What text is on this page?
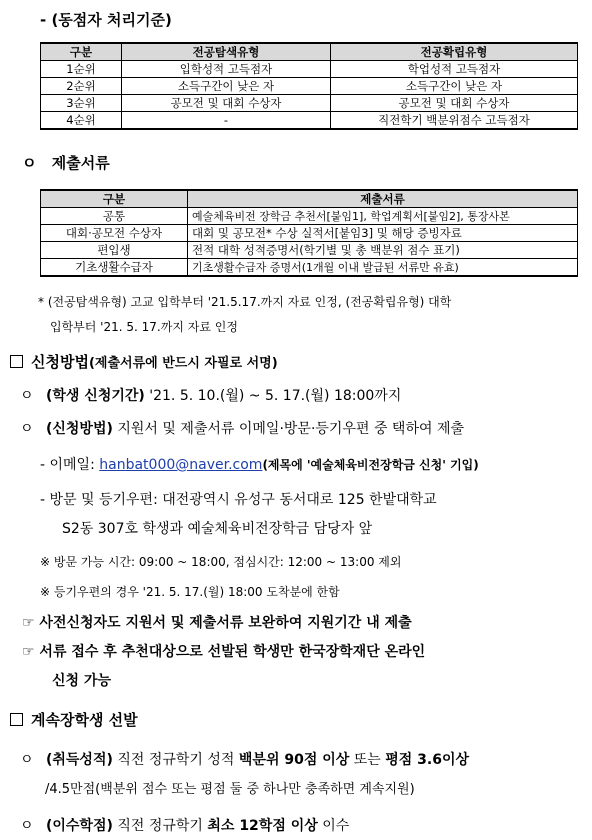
- (동점자 처리기준)
구분	전공탐색유형	전공확립유형
1순위	입학성적 고득점자	학업성적 고득점자
2순위	소득구간이 낮은 자	소득구간이 낮은 자
3순위	공모전 및 대회 수상자	공모전 및 대회 수상자
4순위	-	직전학기 백분위점수 고득점자
ㅇ 제출서류
구분	제출서류
공통	예술체육비전 장학금 추천서[붙임1], 학업계획서[붙임2], 통장사본
대회·공모전 수상자	대회 및 공모전* 수상 실적서[붙임3] 및 해당 증빙자료
편입생	전적 대학 성적증명서(학기별 및 총 백분위 점수 표기)
기초생활수급자	기초생활수급자 증명서(1개월 이내 발급된 서류만 유효)
* (전공탐색유형) 고교 입학부터 '21.5.17.까지 자료 인정, (전공확립유형) 대학
입학부터 '21. 5. 17.까지 자료 인정
신청방법(제출서류에 반드시 자필로 서명)
ㅇ (학생 신청기간) '21. 5. 10.(월) ~ 5. 17.(월) 18:00까지
ㅇ (신청방법) 지원서 및 제출서류 이메일·방문·등기우편 중 택하여 제출
- 이메일: hanbat000@naver.com(제목에 '예술체육비전장학금 신청' 기입)
- 방문 및 등기우편: 대전광역시 유성구 동서대로 125 한밭대학교
S2동 307호 학생과 예술체육비전장학금 담당자 앞
※ 방문 가능 시간: 09:00 ~ 18:00, 점심시간: 12:00 ~ 13:00 제외
※ 등기우편의 경우 '21. 5. 17.(월) 18:00 도착분에 한함
☞ 사전신청자도 지원서 및 제출서류 보완하여 지원기간 내 제출
☞ 서류 접수 후 추천대상으로 선발된 학생만 한국장학재단 온라인
신청 가능
계속장학생 선발
ㅇ (취득성적) 직전 정규학기 성적 백분위 90점 이상 또는 평점 3.6이상
/4.5만점(백분위 점수 또는 평점 둘 중 하나만 충족하면 계속지원)
ㅇ (이수학점) 직전 정규학기 최소 12학점 이상 이수
